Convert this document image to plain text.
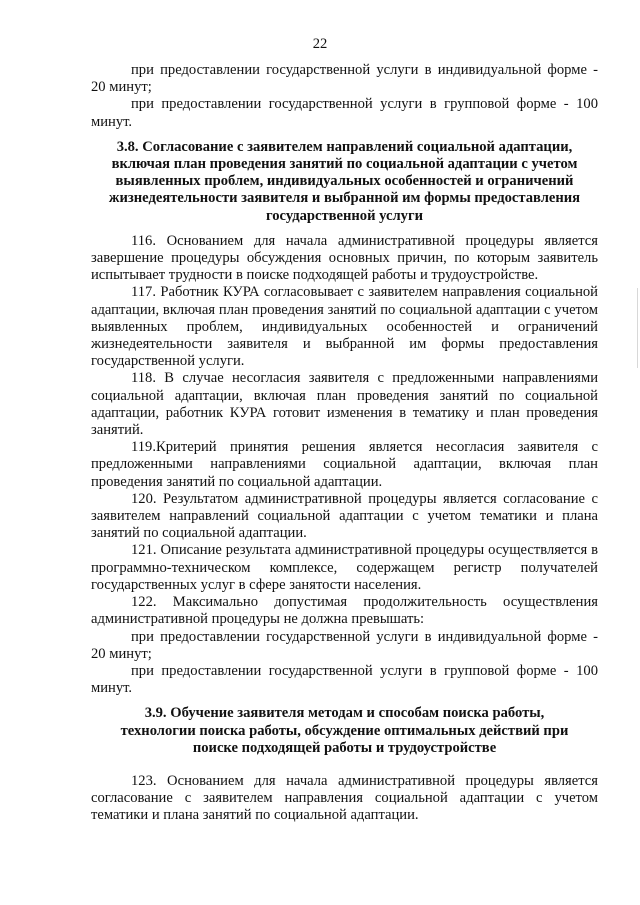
22

при предоставлении государственной услуги в индивидуальной форме - 20 минут;

при предоставлении государственной услуги в групповой форме - 100 минут.

3.8. Согласование с заявителем направлений социальной адаптации, включая план проведения занятий по социальной адаптации с учетом выявленных проблем, индивидуальных особенностей и ограничений жизнедеятельности заявителя и выбранной им формы предоставления государственной услуги

116. Основанием для начала административной процедуры является завершение процедуры обсуждения основных причин, по которым заявитель испытывает трудности в поиске подходящей работы и трудоустройстве.

117. Работник КУРА согласовывает с заявителем направления социальной адаптации, включая план проведения занятий по социальной адаптации с учетом выявленных проблем, индивидуальных особенностей и ограничений жизнедеятельности заявителя и выбранной им формы предоставления государственной услуги.

118. В случае несогласия заявителя с предложенными направлениями социальной адаптации, включая план проведения занятий по социальной адаптации, работник КУРА готовит изменения в тематику и план проведения занятий.

119.Критерий принятия решения является несогласия заявителя с предложенными направлениями социальной адаптации, включая план проведения занятий по социальной адаптации.

120. Результатом административной процедуры является согласование с заявителем направлений социальной адаптации с учетом тематики и плана занятий по социальной адаптации.

121. Описание результата административной процедуры осуществляется в программно-техническом комплексе, содержащем регистр получателей государственных услуг в сфере занятости населения.

122. Максимально допустимая продолжительность осуществления административной процедуры не должна превышать:

при предоставлении государственной услуги в индивидуальной форме - 20 минут;

при предоставлении государственной услуги в групповой форме - 100 минут.

3.9. Обучение заявителя методам и способам поиска работы, технологии поиска работы, обсуждение оптимальных действий при поиске подходящей работы и трудоустройстве

123. Основанием для начала административной процедуры является согласование с заявителем направления социальной адаптации с учетом тематики и плана занятий по социальной адаптации.
